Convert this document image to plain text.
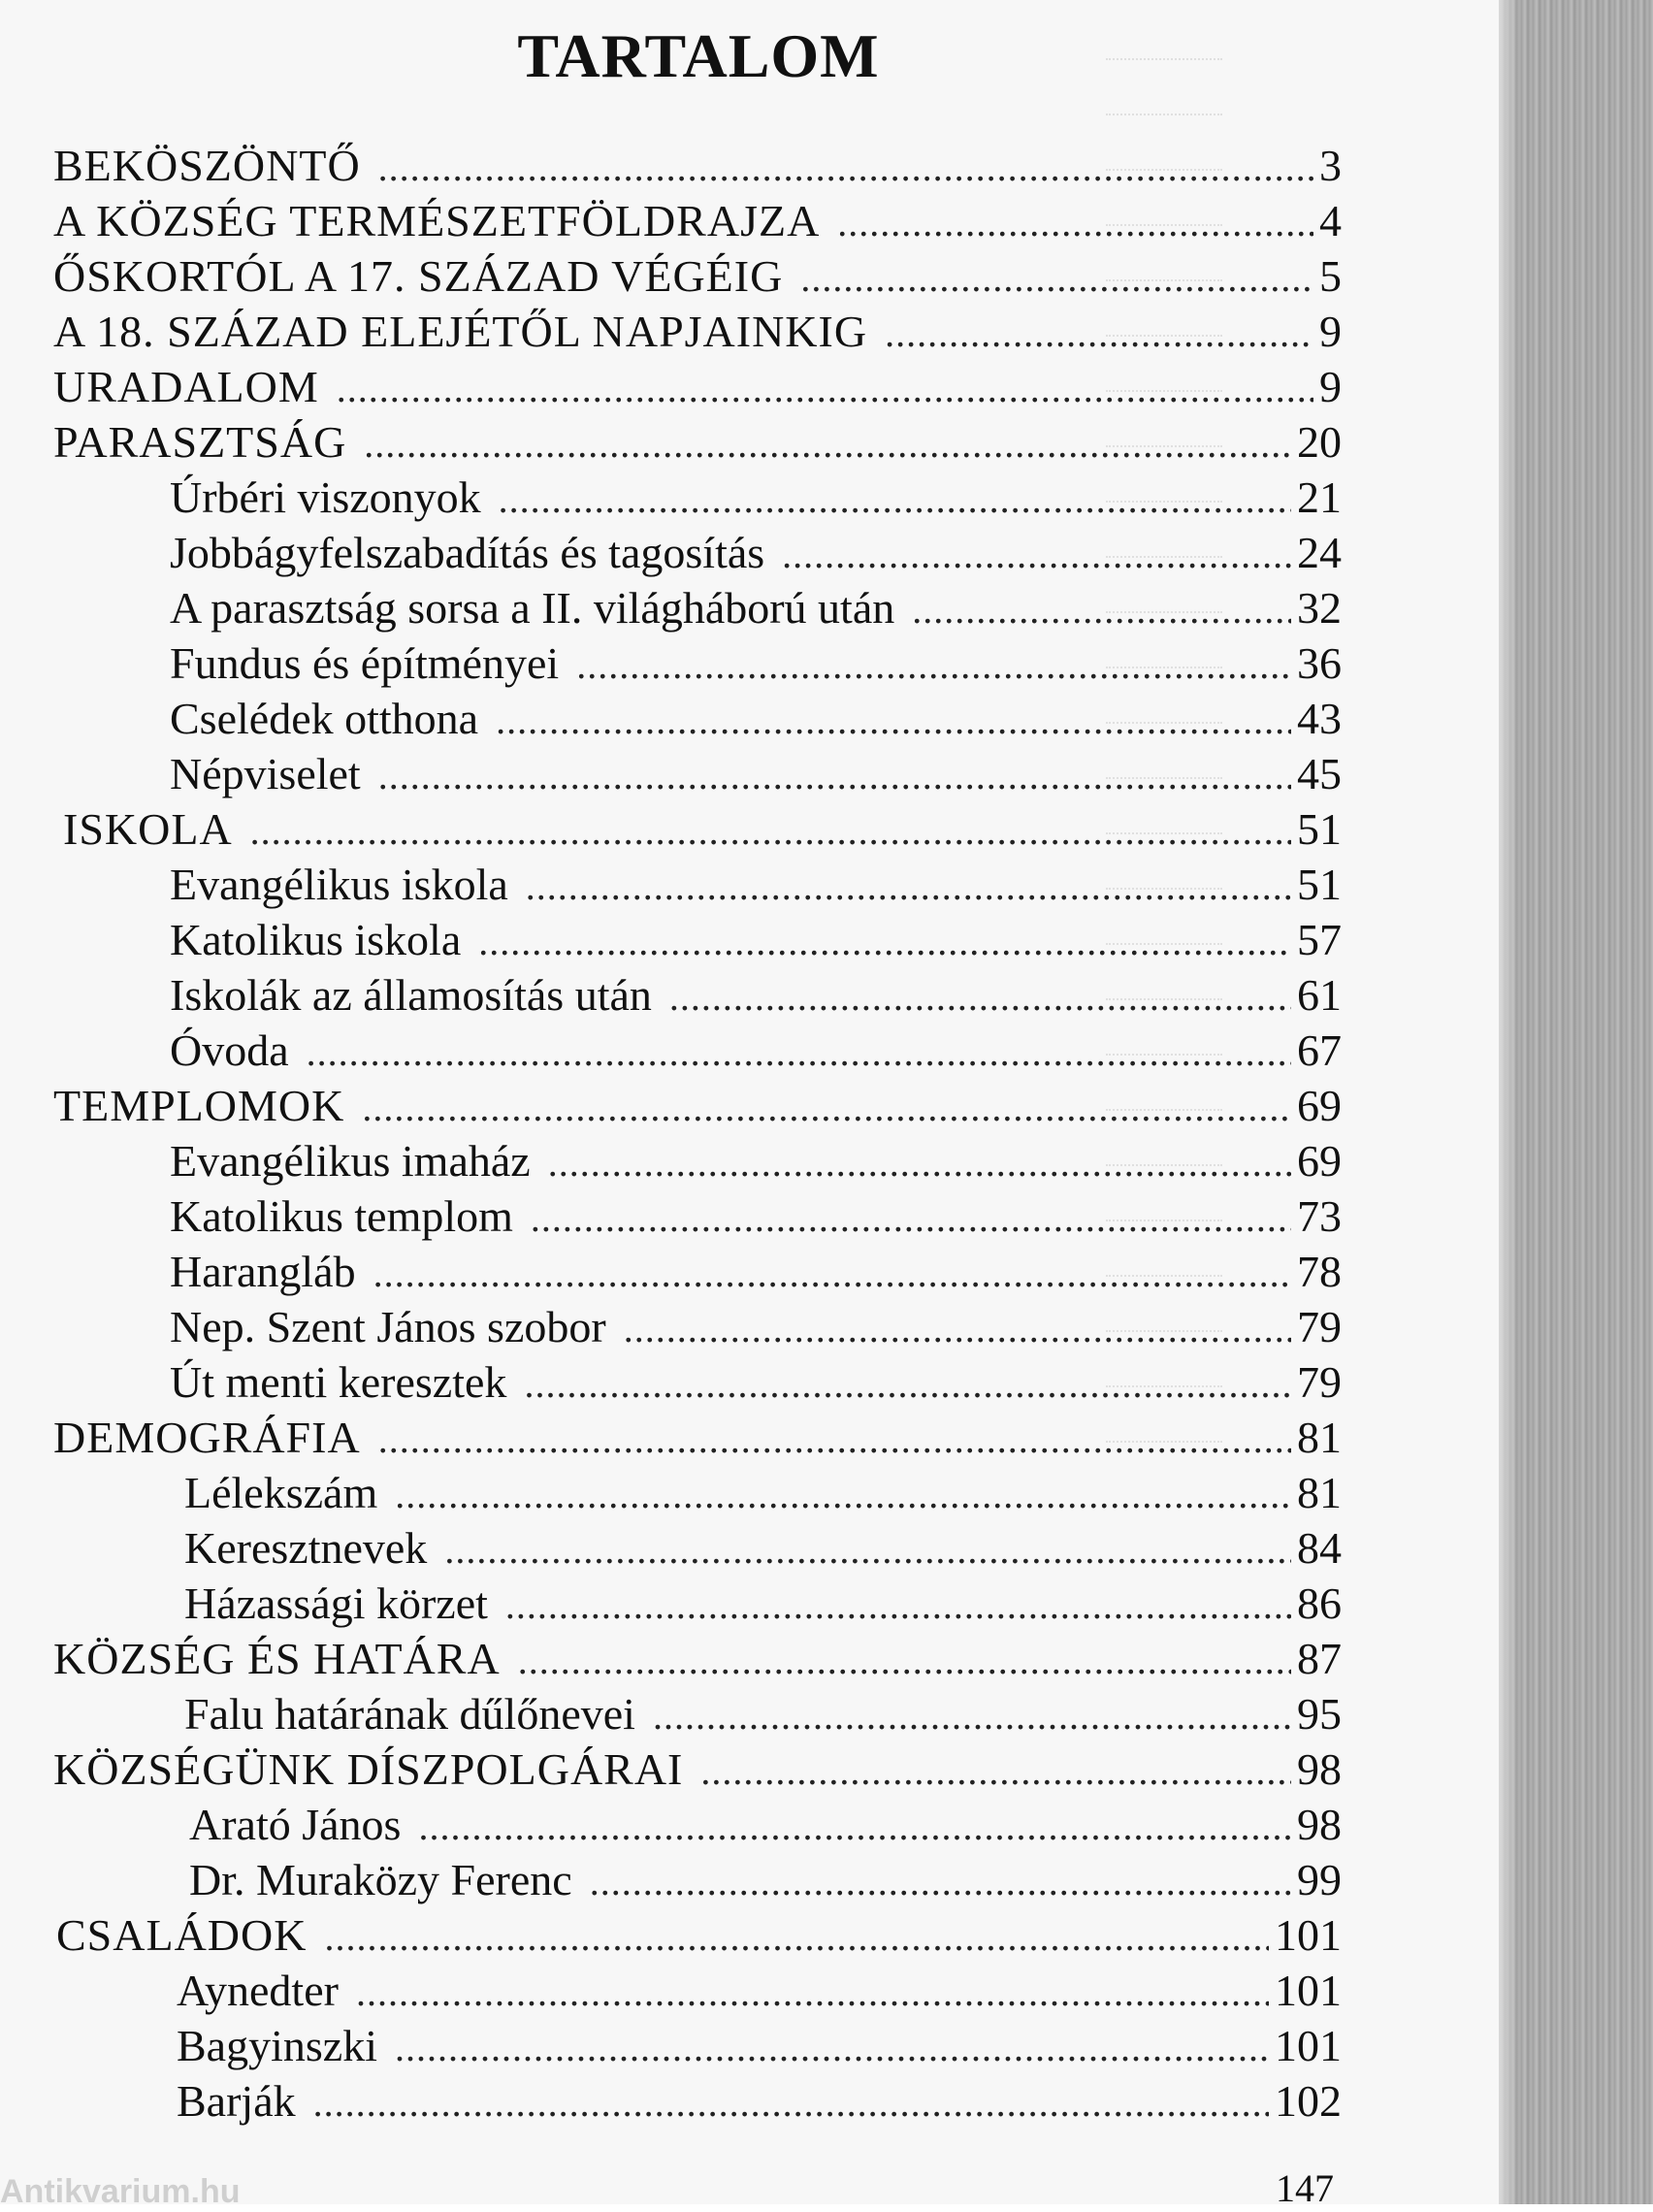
TARTALOM
BEKÖSZÖNTŐ .....	3
A KÖZSÉG TERMÉSZETFÖLDRAJZA .....	4
ŐSKORTÓL A 17. SZÁZAD VÉGÉIG .....	5
A 18. SZÁZAD ELEJÉTŐL NAPJAINKIG .....	9
URADALOM .....	9
PARASZTSÁG .....	20
Úrbéri viszonyok .....	21
Jobbágyfelszabadítás és tagosítás .....	24
A parasztság sorsa a II. világháború után .....	32
Fundus és építményei .....	36
Cselédek otthona .....	43
Népviselet .....	45
ISKOLA .....	51
Evangélikus iskola .....	51
Katolikus iskola .....	57
Iskolák az államosítás után .....	61
Óvoda .....	67
TEMPLOMOK .....	69
Evangélikus imaház .....	69
Katolikus templom .....	73
Harangláb .....	78
Nep. Szent János szobor .....	79
Út menti keresztek .....	79
DEMOGRÁFIA .....	81
Lélekszám .....	81
Keresztnevek .....	84
Házassági körzet .....	86
KÖZSÉG ÉS HATÁRA .....	87
Falu határának dűlőnevei .....	95
KÖZSÉGÜNK DÍSZPOLGÁRAI .....	98
Arató János .....	98
Dr. Muraközy Ferenc .....	99
CSALÁDOK .....	101
Aynedter .....	101
Bagyinszki .....	101
Barják .....	102
147
Antikvarium.hu
